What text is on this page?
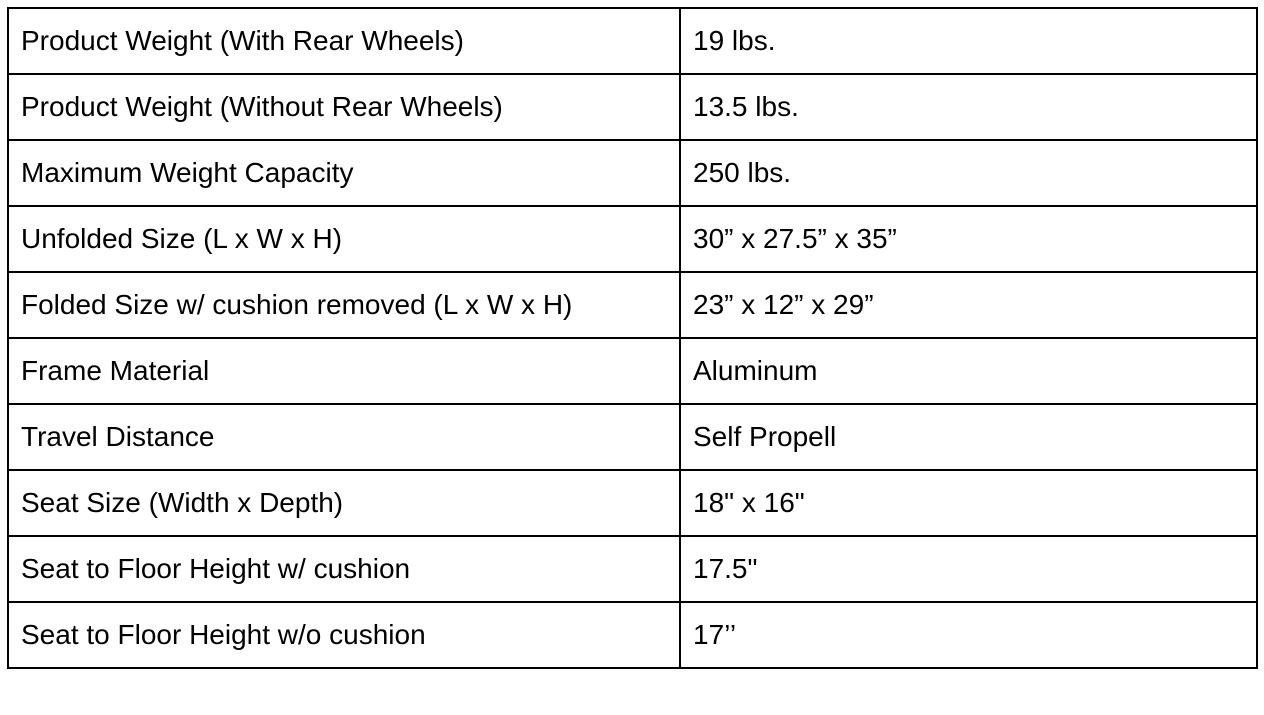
Product Weight (With Rear Wheels)	19 lbs.
Product Weight (Without Rear Wheels)	13.5 lbs.
Maximum Weight Capacity	250 lbs.
Unfolded Size (L x W x H)	30” x 27.5” x 35”
Folded Size w/ cushion removed (L x W x H)	23” x 12” x 29”
Frame Material	Aluminum
Travel Distance	Self Propell
Seat Size (Width x Depth)	18" x 16"
Seat to Floor Height w/ cushion	17.5"
Seat to Floor Height w/o cushion	17’’
